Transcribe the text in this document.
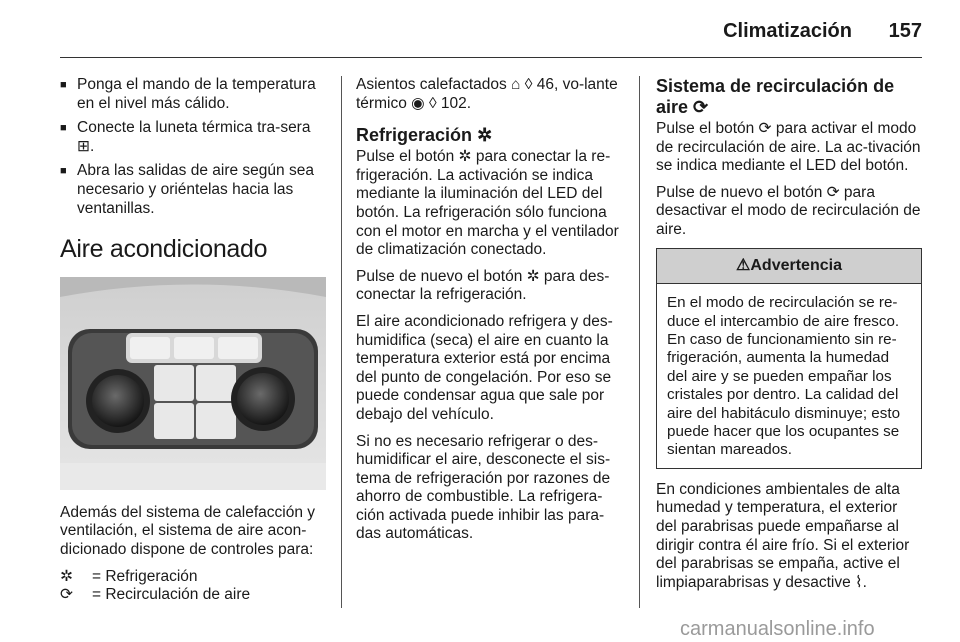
Climatización	157
■ Ponga el mando de la temperatura en el nivel más cálido.
■ Conecte la luneta térmica tra-sera ⊞.
■ Abra las salidas de aire según sea necesario y oriéntelas hacia las ventanillas.
Aire acondicionado

Además del sistema de calefacción y ventilación, el sistema de aire acon-dicionado dispone de controles para:

✲	= Refrigeración
⟳	= Recirculación de aire

Asientos calefactados ⌂ ◊ 46, vo-lante térmico ◉ ◊ 102.

Refrigeración ✲

Pulse el botón ✲ para conectar la re-frigeración. La activación se indica mediante la iluminación del LED del botón. La refrigeración sólo funciona con el motor en marcha y el ventilador de climatización conectado.

Pulse de nuevo el botón ✲ para des-conectar la refrigeración.

El aire acondicionado refrigera y des-humidifica (seca) el aire en cuanto la temperatura exterior está por encima del punto de congelación. Por eso se puede condensar agua que sale por debajo del vehículo.

Si no es necesario refrigerar o des-humidificar el aire, desconecte el sis-tema de refrigeración por razones de ahorro de combustible. La refrigera-ción activada puede inhibir las para-das automáticas.

Sistema de recirculación de aire ⟳

Pulse el botón ⟳ para activar el modo de recirculación de aire. La ac-tivación se indica mediante el LED del botón.

Pulse de nuevo el botón ⟳ para desactivar el modo de recirculación de aire.

⚠Advertencia
En el modo de recirculación se re-duce el intercambio de aire fresco. En caso de funcionamiento sin re-frigeración, aumenta la humedad del aire y se pueden empañar los cristales por dentro. La calidad del aire del habitáculo disminuye; esto puede hacer que los ocupantes se sientan mareados.

En condiciones ambientales de alta humedad y temperatura, el exterior del parabrisas puede empañarse al dirigir contra él aire frío. Si el exterior del parabrisas se empaña, active el limpiaparabrisas y desactive ⌇.

carmanualsonline.info
